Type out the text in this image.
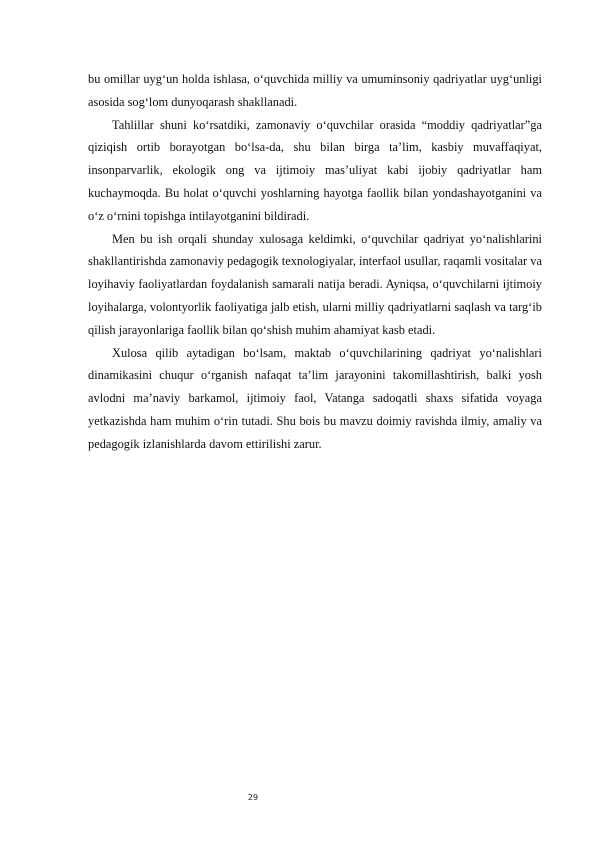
bu omillar uyg‘un holda ishlasa, o‘quvchida milliy va umuminsoniy qadriyatlar uyg‘unligi asosida sog‘lom dunyoqarash shakllanadi.

Tahlillar shuni ko‘rsatdiki, zamonaviy o‘quvchilar orasida “moddiy qadriyatlar”ga qiziqish ortib borayotgan bo‘lsa-da, shu bilan birga ta’lim, kasbiy muvaffaqiyat, insonparvarlik, ekologik ong va ijtimoiy mas’uliyat kabi ijobiy qadriyatlar ham kuchaymoqda. Bu holat o‘quvchi yoshlarning hayotga faollik bilan yondashayotganini va o‘z o‘rnini topishga intilayotganini bildiradi.

Men bu ish orqali shunday xulosaga keldimki, o‘quvchilar qadriyat yo‘nalishlarini shakllantirishda zamonaviy pedagogik texnologiyalar, interfaol usullar, raqamli vositalar va loyihaviy faoliyatlardan foydalanish samarali natija beradi. Ayniqsa, o‘quvchilarni ijtimoiy loyihalarga, volontyorlik faoliyatiga jalb etish, ularni milliy qadriyatlarni saqlash va targ‘ib qilish jarayonlariga faollik bilan qo‘shish muhim ahamiyat kasb etadi.

Xulosa qilib aytadigan bo‘lsam, maktab o‘quvchilarining qadriyat yo‘nalishlari dinamikasini chuqur o‘rganish nafaqat ta’lim jarayonini takomillashtirish, balki yosh avlodni ma’naviy barkamol, ijtimoiy faol, Vatanga sadoqatli shaxs sifatida voyaga yetkazishda ham muhim o‘rin tutadi. Shu bois bu mavzu doimiy ravishda ilmiy, amaliy va pedagogik izlanishlarda davom ettirilishi zarur.

29
